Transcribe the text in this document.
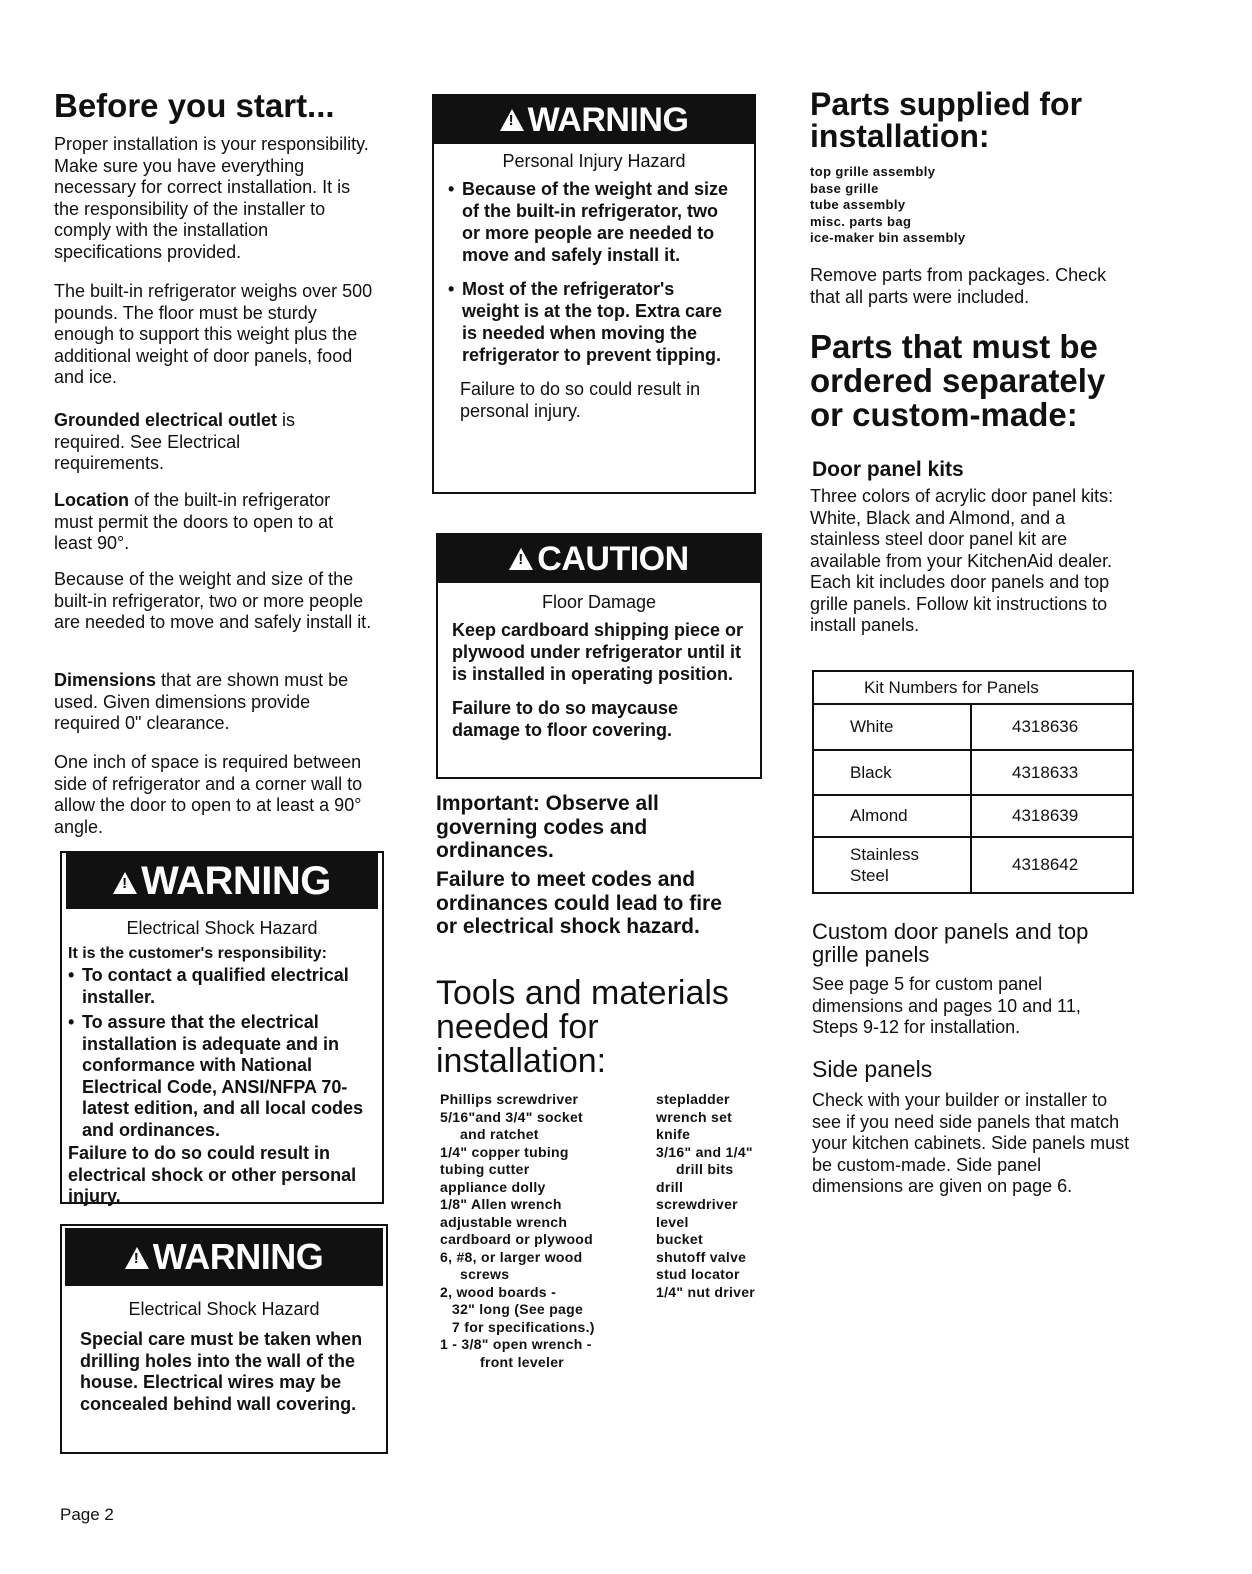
Before you start...

Proper installation is your responsibility. Make sure you have everything necessary for correct installation. It is the responsibility of the installer to comply with the installation specifications provided.

The built-in refrigerator weighs over 500 pounds. The floor must be sturdy enough to support this weight plus the additional weight of door panels, food and ice.

Grounded electrical outlet is required. See Electrical requirements.

Location of the built-in refrigerator must permit the doors to open to at least 90°.

Because of the weight and size of the built-in refrigerator, two or more people are needed to move and safely install it.

Dimensions that are shown must be used. Given dimensions provide required 0" clearance.

One inch of space is required between side of refrigerator and a corner wall to allow the door to open to at least a 90° angle.

!WARNING
Electrical Shock Hazard
It is the customer's responsibility:
• To contact a qualified electrical installer.
• To assure that the electrical installation is adequate and in conformance with National Electrical Code, ANSI/NFPA 70-latest edition, and all local codes and ordinances.
Failure to do so could result in electrical shock or other personal injury.
!WARNING
Electrical Shock Hazard
Special care must be taken when drilling holes into the wall of the house. Electrical wires may be concealed behind wall covering.
Page 2
!WARNING
Personal Injury Hazard
• Because of the weight and size of the built-in refrigerator, two or more people are needed to move and safely install it.
• Most of the refrigerator's weight is at the top. Extra care is needed when moving the refrigerator to prevent tipping.
Failure to do so could result in personal injury.
!CAUTION
Floor Damage
Keep cardboard shipping piece or plywood under refrigerator until it is installed in operating position.
Failure to do so maycause damage to floor covering.
Important: Observe all governing codes and ordinances.
Failure to meet codes and ordinances could lead to fire or electrical shock hazard.
Tools and materials needed for installation:
Phillips screwdriver
5/16"and 3/4" socket
and ratchet
1/4" copper tubing
tubing cutter
appliance dolly
1/8" Allen wrench
adjustable wrench
cardboard or plywood
6, #8, or larger wood
screws
2, wood boards -
32" long (See page
7 for specifications.)
1 - 3/8" open wrench -
front leveler
stepladder
wrench set
knife
3/16" and 1/4"
drill bits
drill
screwdriver
level
bucket
shutoff valve
stud locator
1/4" nut driver
Parts supplied for installation:
top grille assembly
base grille
tube assembly
misc. parts bag
ice-maker bin assembly

Remove parts from packages. Check that all parts were included.

Parts that must be ordered separately or custom-made:
Door panel kits

Three colors of acrylic door panel kits: White, Black and Almond, and a stainless steel door panel kit are available from your KitchenAid dealer. Each kit includes door panels and top grille panels. Follow kit instructions to install panels.

Kit Numbers for Panels	
White	4318636
Black	4318633
Almond	4318639
Stainless Steel	4318642
Custom door panels and top grille panels

See page 5 for custom panel dimensions and pages 10 and 11, Steps 9-12 for installation.

Side panels

Check with your builder or installer to see if you need side panels that match your kitchen cabinets. Side panels must be custom-made. Side panel dimensions are given on page 6.
